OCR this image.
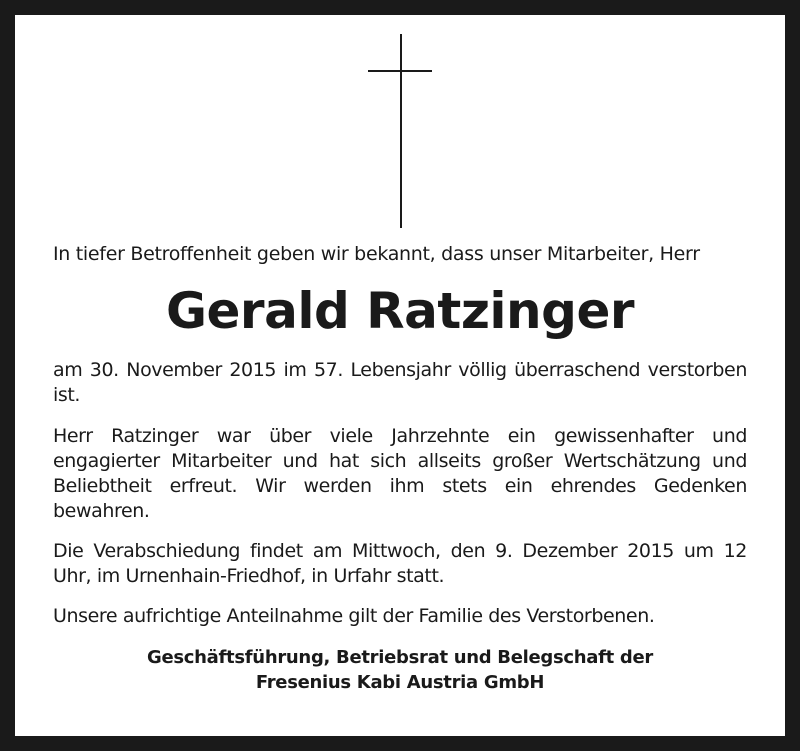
In tiefer Betroffenheit geben wir bekannt, dass unser Mitarbeiter, Herr
Gerald Ratzinger

am 30. November 2015 im 57. Lebensjahr völlig überraschend verstorben ist.

Herr Ratzinger war über viele Jahrzehnte ein gewissenhafter und engagierter Mitarbeiter und hat sich allseits großer Wertschätzung und Beliebtheit erfreut. Wir werden ihm stets ein ehrendes Gedenken bewahren.

Die Verabschiedung findet am Mittwoch, den 9. Dezember 2015 um 12 Uhr, im Urnenhain-Friedhof, in Urfahr statt.

Unsere aufrichtige Anteilnahme gilt der Familie des Verstorbenen.

Geschäftsführung, Betriebsrat und Belegschaft der
Fresenius Kabi Austria GmbH
